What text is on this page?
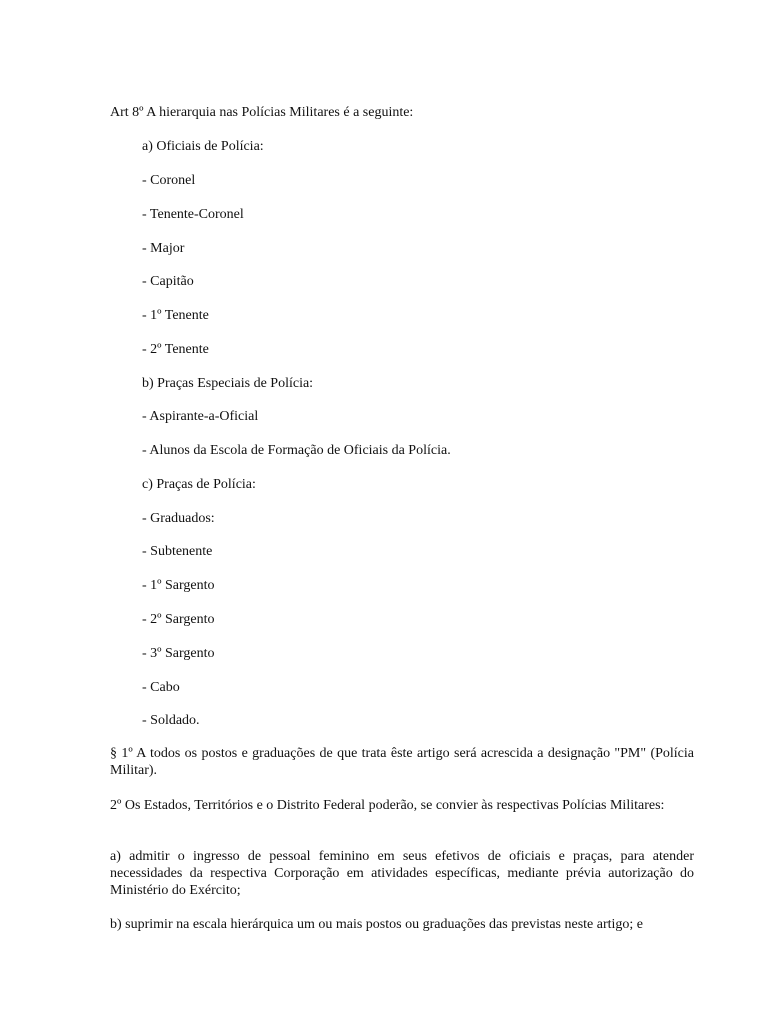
Art 8º A hierarquia nas Polícias Militares é a seguinte:
a) Oficiais de Polícia:
- Coronel
- Tenente-Coronel
- Major
- Capitão
- 1º Tenente
- 2º Tenente
b) Praças Especiais de Polícia:
- Aspirante-a-Oficial
- Alunos da Escola de Formação de Oficiais da Polícia.
c) Praças de Polícia:
- Graduados:
- Subtenente
- 1º Sargento
- 2º Sargento
- 3º Sargento
- Cabo
- Soldado.
§ 1º A todos os postos e graduações de que trata êste artigo será acrescida a designação "PM" (Polícia Militar).
2º Os Estados, Territórios e o Distrito Federal poderão, se convier às respectivas Polícias Militares:
a) admitir o ingresso de pessoal feminino em seus efetivos de oficiais e praças, para atender necessidades da respectiva Corporação em atividades específicas, mediante prévia autorização do Ministério do Exército;
b) suprimir na escala hierárquica um ou mais postos ou graduações das previstas neste artigo; e
